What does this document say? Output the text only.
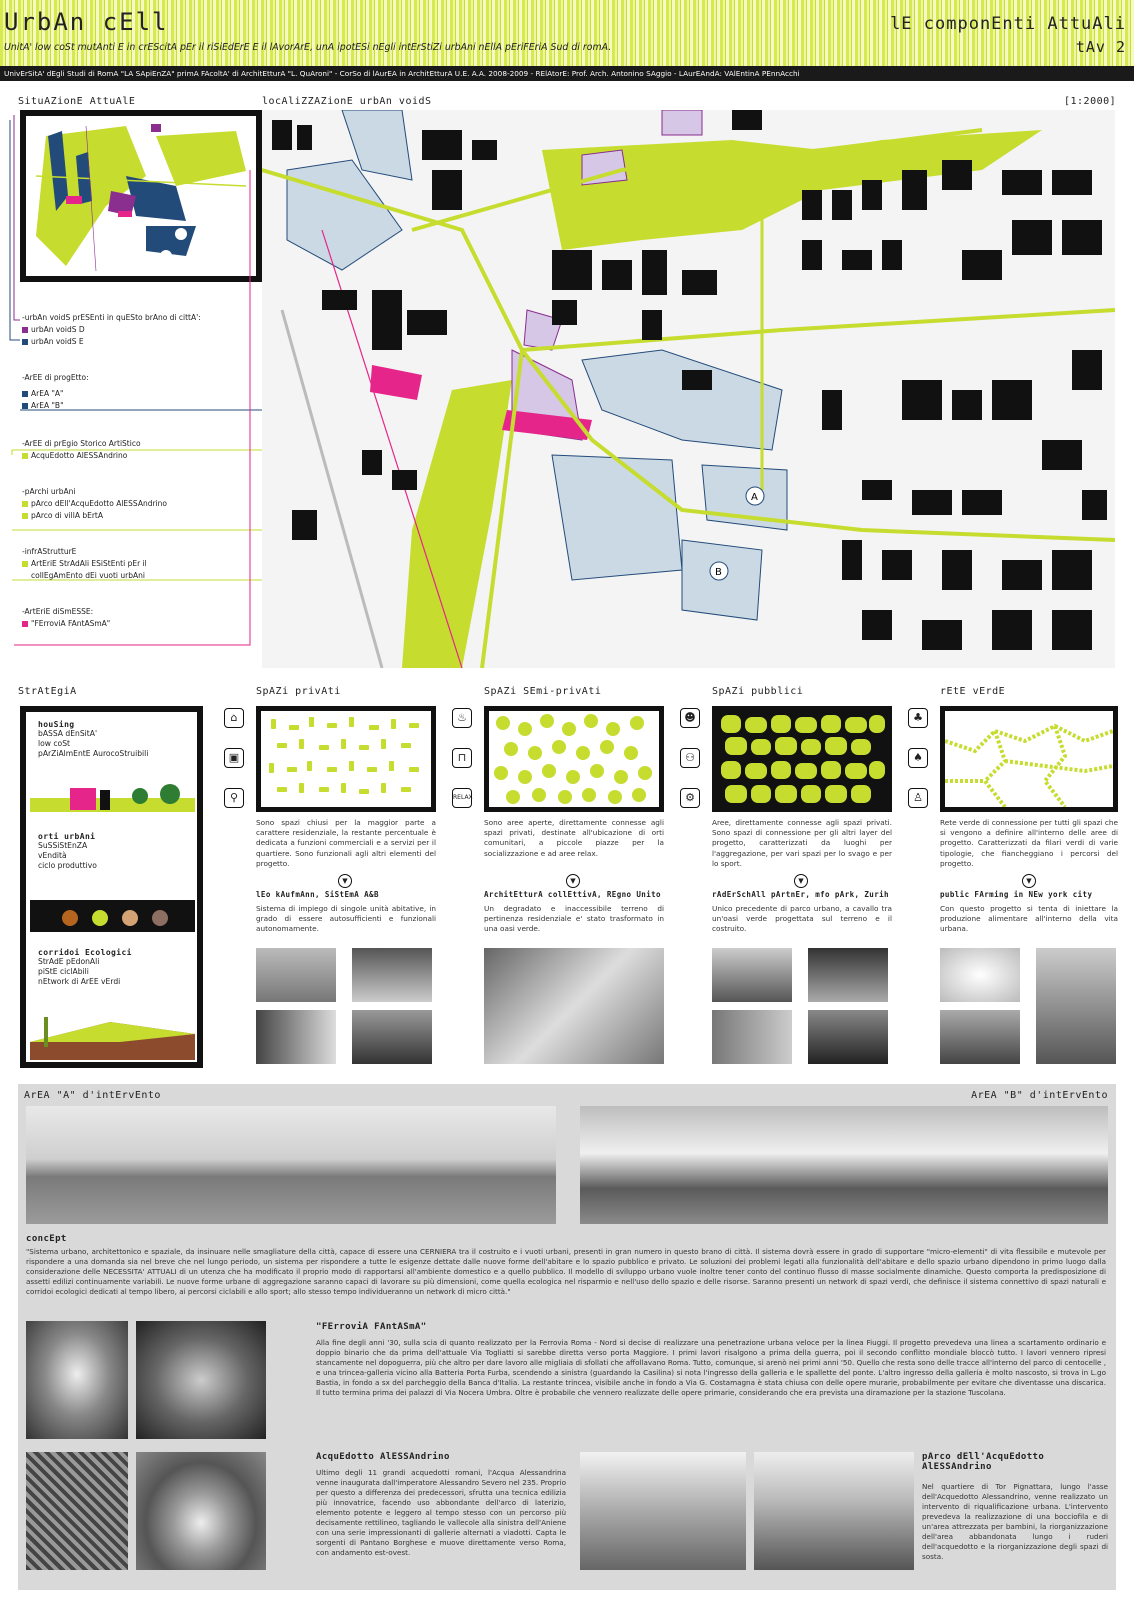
UrbAn cEll	lE componEnti AttuAli
UnitA' low coSt mutAnti E in crEScitA pEr il riSiEdErE E il lAvorArE, unA ipotESi nEgli intErStiZi urbAni nEllA pEriFEriA Sud di romA.	tAv 2
UnivErSitA' dEgli Studi di RomA "LA SApiEnZA" primA FAcoltA' di ArchitEtturA "L. QuAroni" - CorSo di lAurEA in ArchitEtturA U.E. A.A. 2008-2009 - RElAtorE: Prof. Arch. Antonino SAggio - LAurEAndA: VAlEntinA PEnnAcchi
SituAZionE AttuAlE
-urbAn voidS prESEnti in quESto brAno di cittA':
urbAn voidS D
urbAn voidS E
-ArEE di progEtto:
ArEA "A"
ArEA "B"
-ArEE di prEgio Storico ArtiStico
AcquEdotto AlESSAndrino
-pArchi urbAni
pArco dEll'AcquEdotto AlESSAndrino
pArco di villA bErtA
-infrAStrutturE
ArtEriE StrAdAli ESiStEnti pEr il
collEgAmEnto dEi vuoti urbAni
-ArtEriE diSmESSE:
"FErroviA FAntASmA"
locAliZZAZionE urbAn voidS	[1:2000]
A
B
StrAtEgiA
houSing
bASSA dEnSitA'
low coSt
pArZiAlmEntE AurocoStruibili
orti urbAni
SuSSiStEnZA
vEndità
ciclo produttivo
corridoi Ecologici
StrAdE pEdonAli
piStE ciclAbili
nEtwork di ArEE vErdi
SpAZi privAti
⌂
▣
⚲
Sono spazi chiusi per la maggior parte a carattere residenziale, la restante percentuale è dedicata a funzioni commerciali e a servizi per il quartiere. Sono funzionali agli altri elementi del progetto.
▼
lEo kAufmAnn, SiStEmA A&B
Sistema di impiego di singole unità abitative, in grado di essere autosufficienti e funzionali autonomamente.
SpAZi SEmi-privAti
♨
⊓
RELAX
Sono aree aperte, direttamente connesse agli spazi privati, destinate all'ubicazione di orti comunitari, a piccole piazze per la socializzazione e ad aree relax.
▼
ArchitEtturA collEttivA, REgno Unito
Un degradato e inaccessibile terreno di pertinenza residenziale e' stato trasformato in una oasi verde.
SpAZi pubblici
☻
⚇
⚙
Aree, direttamente connesse agli spazi privati. Sono spazi di connessione per gli altri layer del progetto, caratterizzati da luoghi per l'aggregazione, per vari spazi per lo svago e per lo sport.
▼
rAdErSchAll pArtnEr, mfo pArk, Zurih
Unico precedente di parco urbano, a cavallo tra un'oasi verde progettata sul terreno e il costruito.
rEtE vErdE
♣
♠
♙
Rete verde di connessione per tutti gli spazi che si vengono a definire all'interno delle aree di progetto. Caratterizzati da filari verdi di varie tipologie, che fiancheggiano i percorsi del progetto.
▼
public FArming in NEw york city
Con questo progetto si tenta di iniettare la produzione alimentare all'interno della vita urbana.
ArEA "A" d'intErvEnto	ArEA "B" d'intErvEnto
concEpt
"Sistema urbano, architettonico e spaziale, da insinuare nelle smagliature della città, capace di essere una CERNIERA tra il costruito e i vuoti urbani, presenti in gran numero in questo brano di città. Il sistema dovrà essere in grado di supportare "micro-elementi" di vita flessibile e mutevole per rispondere a una domanda sia nel breve che nel lungo periodo, un sistema per rispondere a tutte le esigenze dettate dalle nuove forme dell'abitare e lo spazio pubblico e privato. Le soluzioni dei problemi legati alla funzionalità dell'abitare e dello spazio urbano dipendono in primo luogo dalla considerazione delle NECESSITA' ATTUALI di un utenza che ha modificato il proprio modo di rapportarsi all'ambiente domestico e a quello pubblico. Il modello di sviluppo urbano vuole inoltre tener conto del continuo flusso di masse socialmente dinamiche. Questo comporta la predisposizione di assetti edilizi continuamente variabili. Le nuove forme urbane di aggregazione saranno capaci di lavorare su più dimensioni, come quella ecologica nel risparmio e nell'uso dello spazio e delle risorse. Saranno presenti un network di spazi verdi, che definisce il sistema connettivo di spazi naturali e corridoi ecologici dedicati al tempo libero, ai percorsi ciclabili e allo sport; allo stesso tempo individueranno un network di micro città."
"FErroviA FAntASmA"
Alla fine degli anni '30, sulla scia di quanto realizzato per la Ferrovia Roma - Nord si decise di realizzare una penetrazione urbana veloce per la linea Fiuggi. Il progetto prevedeva una linea a scartamento ordinario e doppio binario che da prima dell'attuale Via Togliatti si sarebbe diretta verso porta Maggiore. I primi lavori risalgono a prima della guerra, poi il secondo conflitto mondiale bloccò tutto. I lavori vennero ripresi stancamente nel dopoguerra, più che altro per dare lavoro alle migliaia di sfollati che affollavano Roma. Tutto, comunque, si arenò nei primi anni '50. Quello che resta sono delle tracce all'interno del parco di centocelle , e una trincea-galleria vicino alla Batteria Porta Furba, scendendo a sinistra (guardando la Casilina) si nota l'ingresso della galleria e le spallette del ponte. L'altro ingresso della galleria è molto nascosto, si trova in L.go Bastia, in fondo a sx del parcheggio della Banca d'Italia. La restante trincea, visibile anche in fondo a Via G. Costamagna è stata chiusa con delle opere murarie, probabilmente per evitare che diventasse una discarica. Il tutto termina prima dei palazzi di Via Nocera Umbra. Oltre è probabile che vennero realizzate delle opere primarie, considerando che era prevista una diramazione per la stazione Tuscolana.
AcquEdotto AlESSAndrino
Ultimo degli 11 grandi acquedotti romani, l'Acqua Alessandrina venne inaugurata dall'imperatore Alessandro Severo nel 235. Proprio per questo a differenza dei predecessori, sfrutta una tecnica edilizia più innovatrice, facendo uso abbondante dell'arco di laterizio, elemento potente e leggero al tempo stesso con un percorso più decisamente rettilineo, tagliando le vallecole alla sinistra dell'Aniene con una serie impressionanti di gallerie alternati a viadotti. Capta le sorgenti di Pantano Borghese e muove direttamente verso Roma, con andamento est-ovest.
pArco dEll'AcquEdotto AlESSAndrino
Nel quartiere di Tor Pignattara, lungo l'asse dell'Acquedotto Alessandrino, venne realizzato un intervento di riqualificazione urbana. L'intervento prevedeva la realizzazione di una bocciofila e di un'area attrezzata per bambini, la riorganizzazione dell'area abbandonata lungo i ruderi dell'acquedotto e la riorganizzazione degli spazi di sosta.
